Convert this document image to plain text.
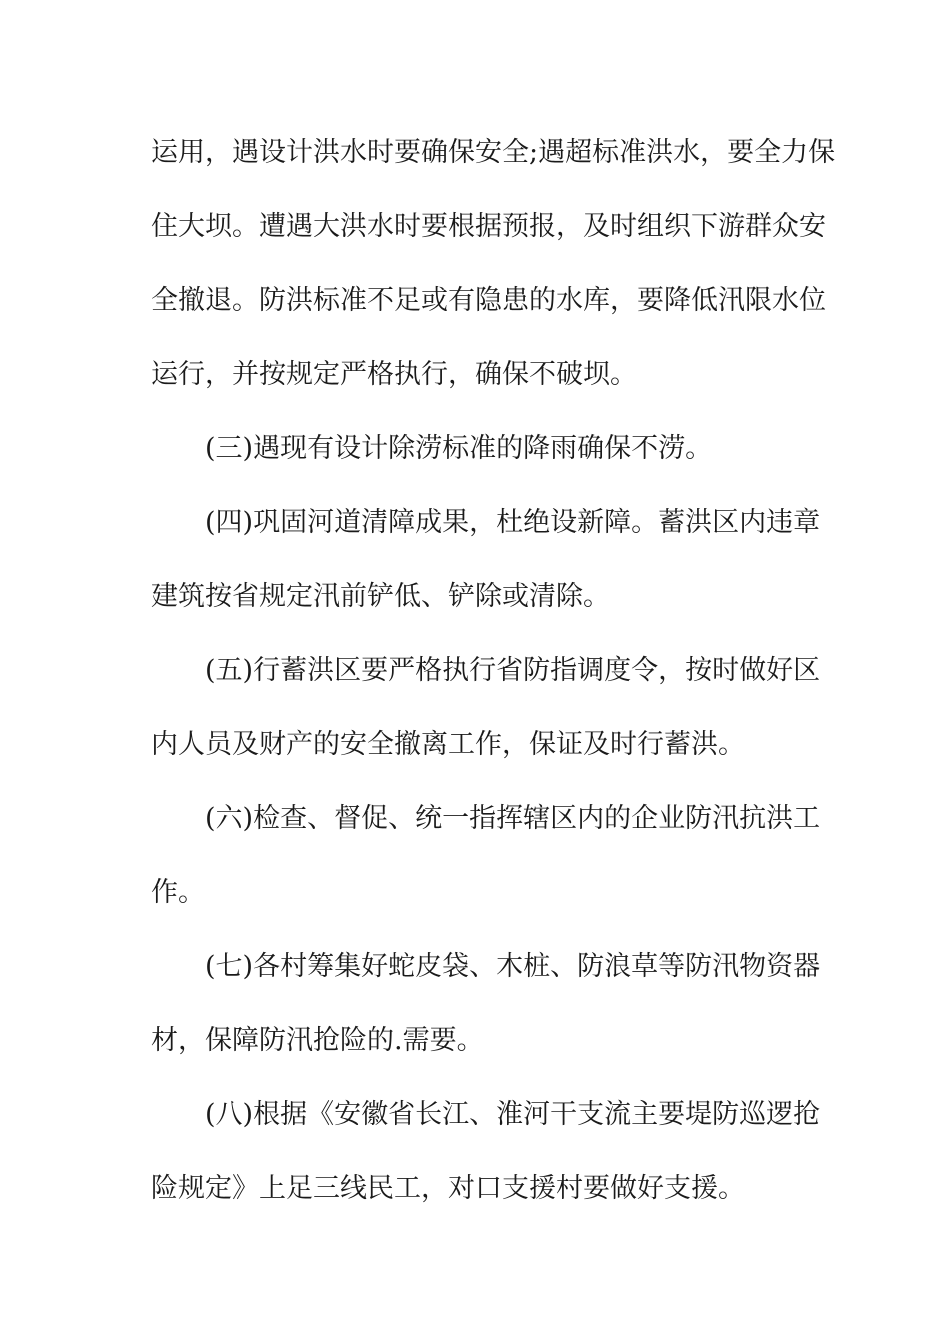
运用，遇设计洪水时要确保安全;遇超标准洪水，要全力保
住大坝。遭遇大洪水时要根据预报，及时组织下游群众安
全撤退。防洪标准不足或有隐患的水库，要降低汛限水位
运行，并按规定严格执行，确保不破坝。
(三)遇现有设计除涝标准的降雨确保不涝。
(四)巩固河道清障成果，杜绝设新障。蓄洪区内违章
建筑按省规定汛前铲低、铲除或清除。
(五)行蓄洪区要严格执行省防指调度令，按时做好区
内人员及财产的安全撤离工作，保证及时行蓄洪。
(六)检查、督促、统一指挥辖区内的企业防汛抗洪工
作。
(七)各村筹集好蛇皮袋、木桩、防浪草等防汛物资器
材，保障防汛抢险的.需要。
(八)根据《安徽省长江、淮河干支流主要堤防巡逻抢
险规定》上足三线民工，对口支援村要做好支援。
